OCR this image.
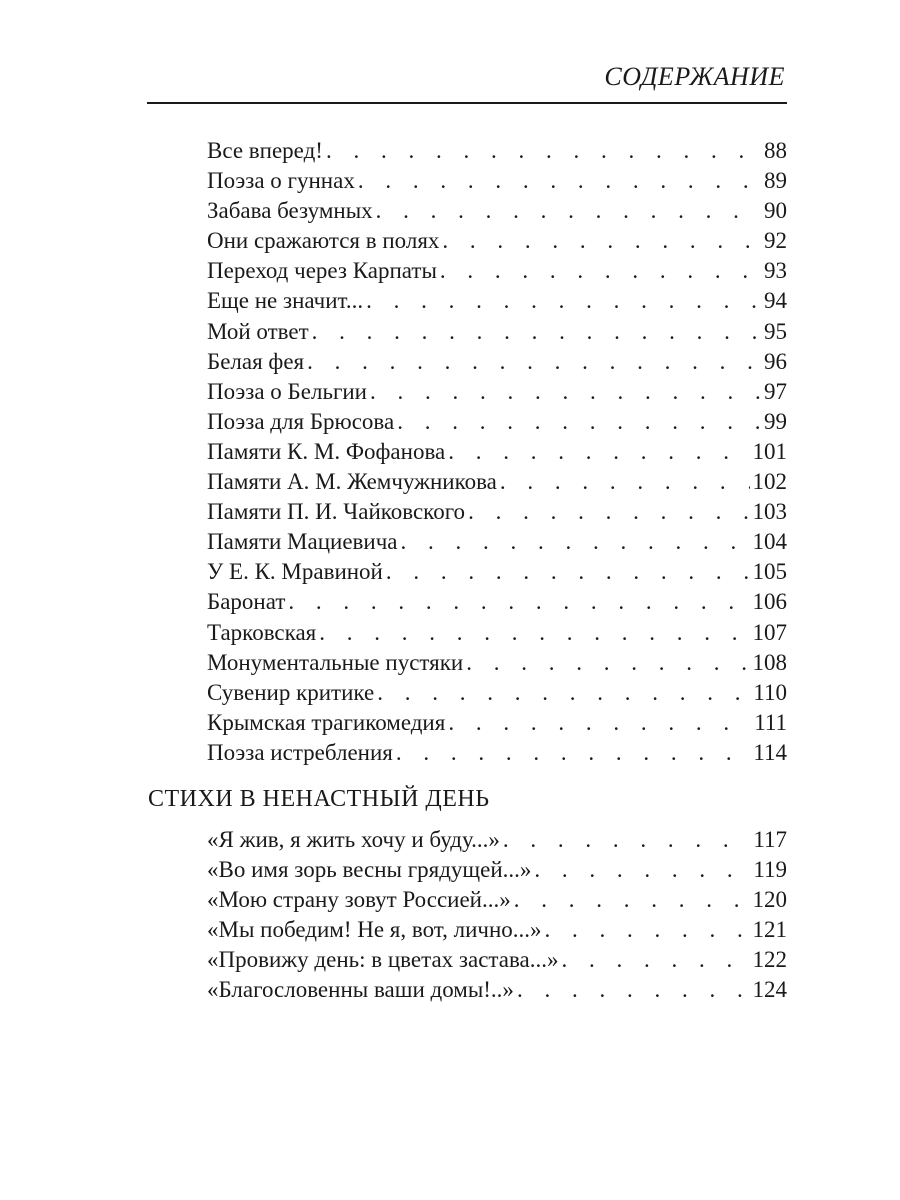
СОДЕРЖАНИЕ
Все вперед! . . .	88
Поэза о гуннах . . .	89
Забава безумных . . .	90
Они сражаются в полях . . .	92
Переход через Карпаты . . .	93
Еще не значит... . . .	94
Мой ответ . . .	95
Белая фея . . .	96
Поэза о Бельгии . . .	97
Поэза для Брюсова . . .	99
Памяти К. М. Фофанова . . .	101
Памяти А. М. Жемчужникова . . .	102
Памяти П. И. Чайковского . . .	103
Памяти Мациевича . . .	104
У Е. К. Мравиной . . .	105
Баронат . . .	106
Тарковская . . .	107
Монументальные пустяки . . .	108
Сувенир критике . . .	110
Крымская трагикомедия . . .	111
Поэза истребления . . .	114
СТИХИ В НЕНАСТНЫЙ ДЕНЬ
«Я жив, я жить хочу и буду...» . . .	117
«Во имя зорь весны грядущей...» . . .	119
«Мою страну зовут Россией...» . . .	120
«Мы победим! Не я, вот, лично...» . . .	121
«Провижу день: в цветах застава...» . . .	122
«Благословенны ваши домы!..» . . .	124
